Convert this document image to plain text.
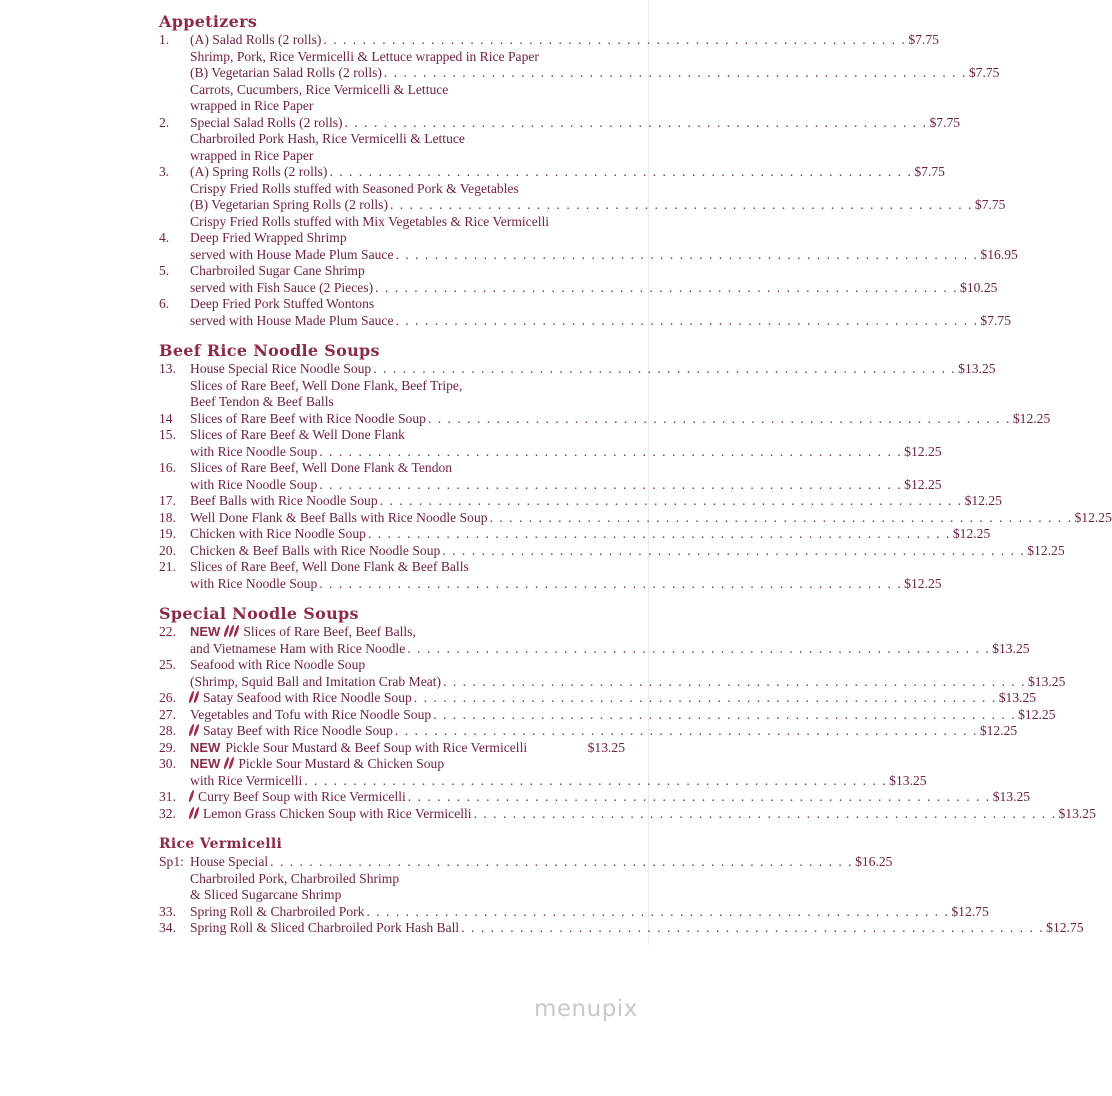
Appetizers
1.	(A) Salad Rolls (2 rolls) . . . . . . . . . . . . . . . . . . . . . . . . . . . . . . . . . . . . . . . . . . . . . . . . . . . . . . . . . . . . $7.75
Shrimp, Pork, Rice Vermicelli & Lettuce wrapped in Rice Paper
(B) Vegetarian Salad Rolls (2 rolls) . . . . . . . . . . . . . . . . . . . . . . . . . . . . . . . . . . . . . . . . . . . . . . . . . . . . . . . . . . . . $7.75
Carrots, Cucumbers, Rice Vermicelli & Lettuce
wrapped in Rice Paper
2.	Special Salad Rolls (2 rolls) . . . . . . . . . . . . . . . . . . . . . . . . . . . . . . . . . . . . . . . . . . . . . . . . . . . . . . . . . . . . $7.75
Charbroiled Pork Hash, Rice Vermicelli & Lettuce
wrapped in Rice Paper
3.	(A) Spring Rolls (2 rolls) . . . . . . . . . . . . . . . . . . . . . . . . . . . . . . . . . . . . . . . . . . . . . . . . . . . . . . . . . . . . $7.75
Crispy Fried Rolls stuffed with Seasoned Pork & Vegetables
(B) Vegetarian Spring Rolls (2 rolls) . . . . . . . . . . . . . . . . . . . . . . . . . . . . . . . . . . . . . . . . . . . . . . . . . . . . . . . . . . . . $7.75
Crispy Fried Rolls stuffed with Mix Vegetables & Rice Vermicelli
4.	Deep Fried Wrapped Shrimp
served with House Made Plum Sauce . . . . . . . . . . . . . . . . . . . . . . . . . . . . . . . . . . . . . . . . . . . . . . . . . . . . . . . . . . . . $16.95
5.	Charbroiled Sugar Cane Shrimp
served with Fish Sauce (2 Pieces) . . . . . . . . . . . . . . . . . . . . . . . . . . . . . . . . . . . . . . . . . . . . . . . . . . . . . . . . . . . . $10.25
6.	Deep Fried Pork Stuffed Wontons
served with House Made Plum Sauce . . . . . . . . . . . . . . . . . . . . . . . . . . . . . . . . . . . . . . . . . . . . . . . . . . . . . . . . . . . . $7.75
Beef Rice Noodle Soups
13.	House Special Rice Noodle Soup . . . . . . . . . . . . . . . . . . . . . . . . . . . . . . . . . . . . . . . . . . . . . . . . . . . . . . . . . . . . $13.25
Slices of Rare Beef, Well Done Flank, Beef Tripe,
Beef Tendon & Beef Balls
14	Slices of Rare Beef with Rice Noodle Soup . . . . . . . . . . . . . . . . . . . . . . . . . . . . . . . . . . . . . . . . . . . . . . . . . . . . . . . . . . . . $12.25
15.	Slices of Rare Beef & Well Done Flank
with Rice Noodle Soup . . . . . . . . . . . . . . . . . . . . . . . . . . . . . . . . . . . . . . . . . . . . . . . . . . . . . . . . . . . . $12.25
16.	Slices of Rare Beef, Well Done Flank & Tendon
with Rice Noodle Soup . . . . . . . . . . . . . . . . . . . . . . . . . . . . . . . . . . . . . . . . . . . . . . . . . . . . . . . . . . . . $12.25
17.	Beef Balls with Rice Noodle Soup . . . . . . . . . . . . . . . . . . . . . . . . . . . . . . . . . . . . . . . . . . . . . . . . . . . . . . . . . . . . $12.25
18.	Well Done Flank & Beef Balls with Rice Noodle Soup . . . . . . . . . . . . . . . . . . . . . . . . . . . . . . . . . . . . . . . . . . . . . . . . . . . . . . . . . . . . $12.25
19.	Chicken with Rice Noodle Soup . . . . . . . . . . . . . . . . . . . . . . . . . . . . . . . . . . . . . . . . . . . . . . . . . . . . . . . . . . . . $12.25
20.	Chicken & Beef Balls with Rice Noodle Soup . . . . . . . . . . . . . . . . . . . . . . . . . . . . . . . . . . . . . . . . . . . . . . . . . . . . . . . . . . . . $12.25
21.	Slices of Rare Beef, Well Done Flank & Beef Balls
with Rice Noodle Soup . . . . . . . . . . . . . . . . . . . . . . . . . . . . . . . . . . . . . . . . . . . . . . . . . . . . . . . . . . . . $12.25
Special Noodle Soups
22.	NEW Slices of Rare Beef, Beef Balls,
and Vietnamese Ham with Rice Noodle . . . . . . . . . . . . . . . . . . . . . . . . . . . . . . . . . . . . . . . . . . . . . . . . . . . . . . . . . . . . $13.25
25.	Seafood with Rice Noodle Soup
(Shrimp, Squid Ball and Imitation Crab Meat) . . . . . . . . . . . . . . . . . . . . . . . . . . . . . . . . . . . . . . . . . . . . . . . . . . . . . . . . . . . . $13.25
26.	Satay Seafood with Rice Noodle Soup . . . . . . . . . . . . . . . . . . . . . . . . . . . . . . . . . . . . . . . . . . . . . . . . . . . . . . . . . . . . $13.25
27.	Vegetables and Tofu with Rice Noodle Soup . . . . . . . . . . . . . . . . . . . . . . . . . . . . . . . . . . . . . . . . . . . . . . . . . . . . . . . . . . . . $12.25
28.	Satay Beef with Rice Noodle Soup . . . . . . . . . . . . . . . . . . . . . . . . . . . . . . . . . . . . . . . . . . . . . . . . . . . . . . . . . . . . $12.25
29.	NEW Pickle Sour Mustard & Beef Soup with Rice Vermicelli	$13.25
30.	NEW Pickle Sour Mustard & Chicken Soup
with Rice Vermicelli . . . . . . . . . . . . . . . . . . . . . . . . . . . . . . . . . . . . . . . . . . . . . . . . . . . . . . . . . . . . $13.25
31.	Curry Beef Soup with Rice Vermicelli . . . . . . . . . . . . . . . . . . . . . . . . . . . . . . . . . . . . . . . . . . . . . . . . . . . . . . . . . . . . $13.25
32.	Lemon Grass Chicken Soup with Rice Vermicelli . . . . . . . . . . . . . . . . . . . . . . . . . . . . . . . . . . . . . . . . . . . . . . . . . . . . . . . . . . . . $13.25
Rice Vermicelli
Sp1: House Special . . . . . . . . . . . . . . . . . . . . . . . . . . . . . . . . . . . . . . . . . . . . . . . . . . . . . . . . . . . . $16.25
Charbroiled Pork, Charbroiled Shrimp
& Sliced Sugarcane Shrimp
33.	Spring Roll & Charbroiled Pork . . . . . . . . . . . . . . . . . . . . . . . . . . . . . . . . . . . . . . . . . . . . . . . . . . . . . . . . . . . . $12.75
34.	Spring Roll & Sliced Charbroiled Pork Hash Ball . . . . . . . . . . . . . . . . . . . . . . . . . . . . . . . . . . . . . . . . . . . . . . . . . . . . . . . . . . . . $12.75
menupix
